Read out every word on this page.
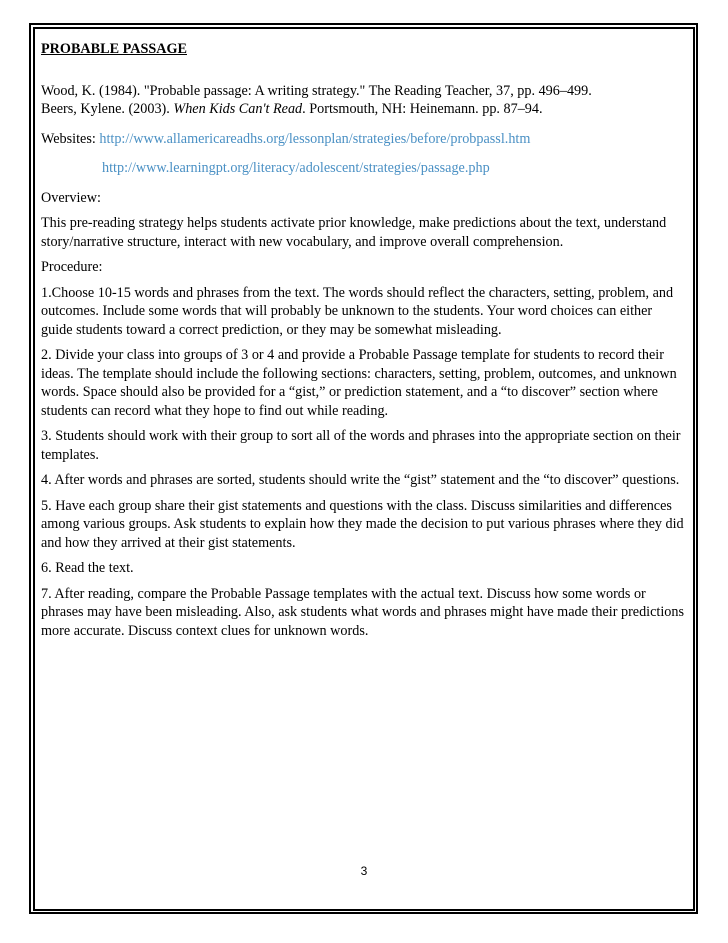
PROBABLE PASSAGE
Wood, K. (1984). "Probable passage: A writing strategy." The Reading Teacher, 37, pp. 496–499.
Beers, Kylene. (2003). When Kids Can't Read. Portsmouth, NH: Heinemann. pp. 87–94.
Websites: http://www.allamericareadhs.org/lessonplan/strategies/before/probpassl.htm
http://www.learningpt.org/literacy/adolescent/strategies/passage.php
Overview:
This pre-reading strategy helps students activate prior knowledge, make predictions about the text, understand story/narrative structure, interact with new vocabulary, and improve overall comprehension.
Procedure:
1.Choose 10-15 words and phrases from the text. The words should reflect the characters, setting, problem, and outcomes. Include some words that will probably be unknown to the students. Your word choices can either guide students toward a correct prediction, or they may be somewhat misleading.
2. Divide your class into groups of 3 or 4 and provide a Probable Passage template for students to record their ideas. The template should include the following sections: characters, setting, problem, outcomes, and unknown words. Space should also be provided for a “gist,” or prediction statement, and a “to discover” section where students can record what they hope to find out while reading.
3. Students should work with their group to sort all of the words and phrases into the appropriate section on their templates.
4. After words and phrases are sorted, students should write the “gist” statement and the “to discover” questions.
5. Have each group share their gist statements and questions with the class. Discuss similarities and differences among various groups. Ask students to explain how they made the decision to put various phrases where they did and how they arrived at their gist statements.
6. Read the text.
7. After reading, compare the Probable Passage templates with the actual text. Discuss how some words or phrases may have been misleading. Also, ask students what words and phrases might have made their predictions more accurate. Discuss context clues for unknown words.
3
